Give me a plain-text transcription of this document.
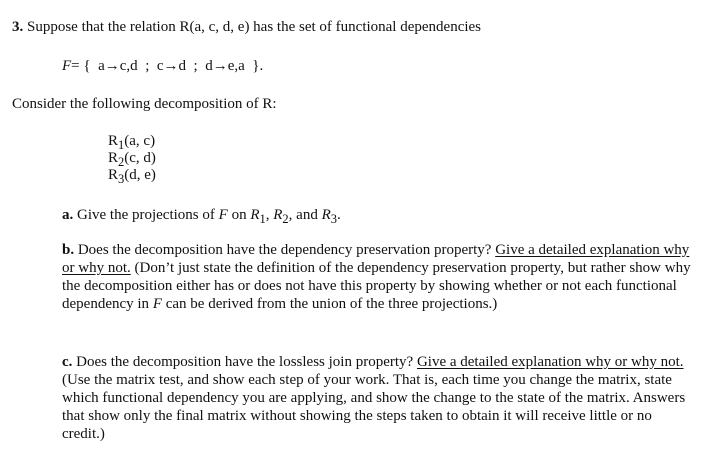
3. Suppose that the relation R(a, c, d, e) has the set of functional dependencies
F= { a→c,d ; c→d ; d→e,a }.
Consider the following decomposition of R:
$R_1(a$, c)
$R_2(c$, d)
$R_3(d$, e)
a. Give the projections of F on $R_1$, $R_2$, and $R_3$.
b. Does the decomposition have the dependency preservation property? Give a detailed explanation why or why not. (Don’t just state the definition of the dependency preservation property, but rather show why the decomposition either has or does not have this property by showing whether or not each functional dependency in F can be derived from the union of the three projections.)
c. Does the decomposition have the lossless join property? Give a detailed explanation why or why not. (Use the matrix test, and show each step of your work. That is, each time you change the matrix, state which functional dependency you are applying, and show the change to the state of the matrix. Answers that show only the final matrix without showing the steps taken to obtain it will receive little or no credit.)
